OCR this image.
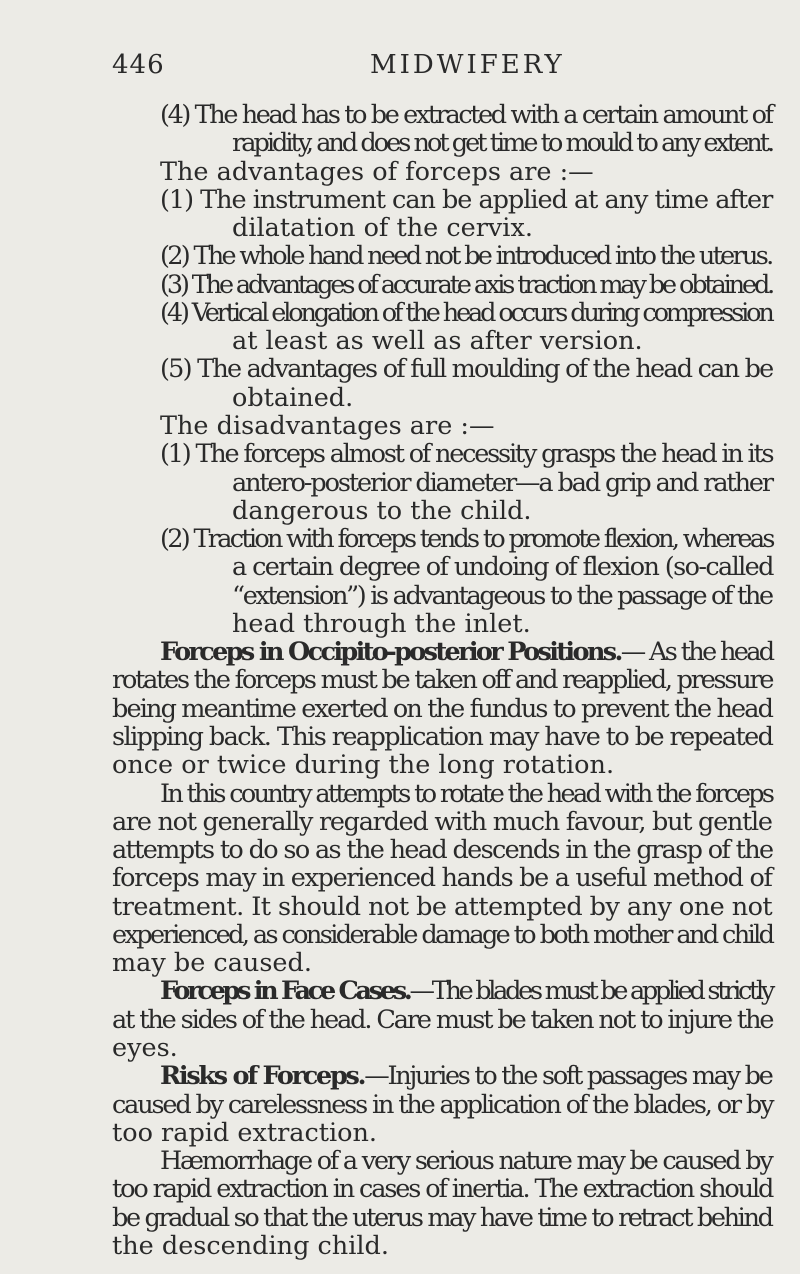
446	MIDWIFERY
(4) The head has to be extracted with a certain amount of
rapidity, and does not get time to mould to any extent.
The advantages of forceps are :—
(1) The instrument can be applied at any time after
dilatation of the cervix.
(2) The whole hand need not be introduced into the uterus.
(3) The advantages of accurate axis traction may be obtained.
(4) Vertical elongation of the head occurs during compression
at least as well as after version.
(5) The advantages of full moulding of the head can be
obtained.
The disadvantages are :—
(1) The forceps almost of necessity grasps the head in its
antero-posterior diameter—a bad grip and rather
dangerous to the child.
(2) Traction with forceps tends to promote flexion, whereas
a certain degree of undoing of flexion (so-called
“extension”) is advantageous to the passage of the
head through the inlet.
Forceps in Occipito-posterior Positions.— As the head
rotates the forceps must be taken off and reapplied, pressure
being meantime exerted on the fundus to prevent the head
slipping back. This reapplication may have to be repeated
once or twice during the long rotation.
In this country attempts to rotate the head with the forceps
are not generally regarded with much favour, but gentle
attempts to do so as the head descends in the grasp of the
forceps may in experienced hands be a useful method of
treatment. It should not be attempted by any one not
experienced, as considerable damage to both mother and child
may be caused.
Forceps in Face Cases.—The blades must be applied strictly
at the sides of the head. Care must be taken not to injure the
eyes.
Risks of Forceps.—Injuries to the soft passages may be
caused by carelessness in the application of the blades, or by
too rapid extraction.
Hæmorrhage of a very serious nature may be caused by
too rapid extraction in cases of inertia. The extraction should
be gradual so that the uterus may have time to retract behind
the descending child.
